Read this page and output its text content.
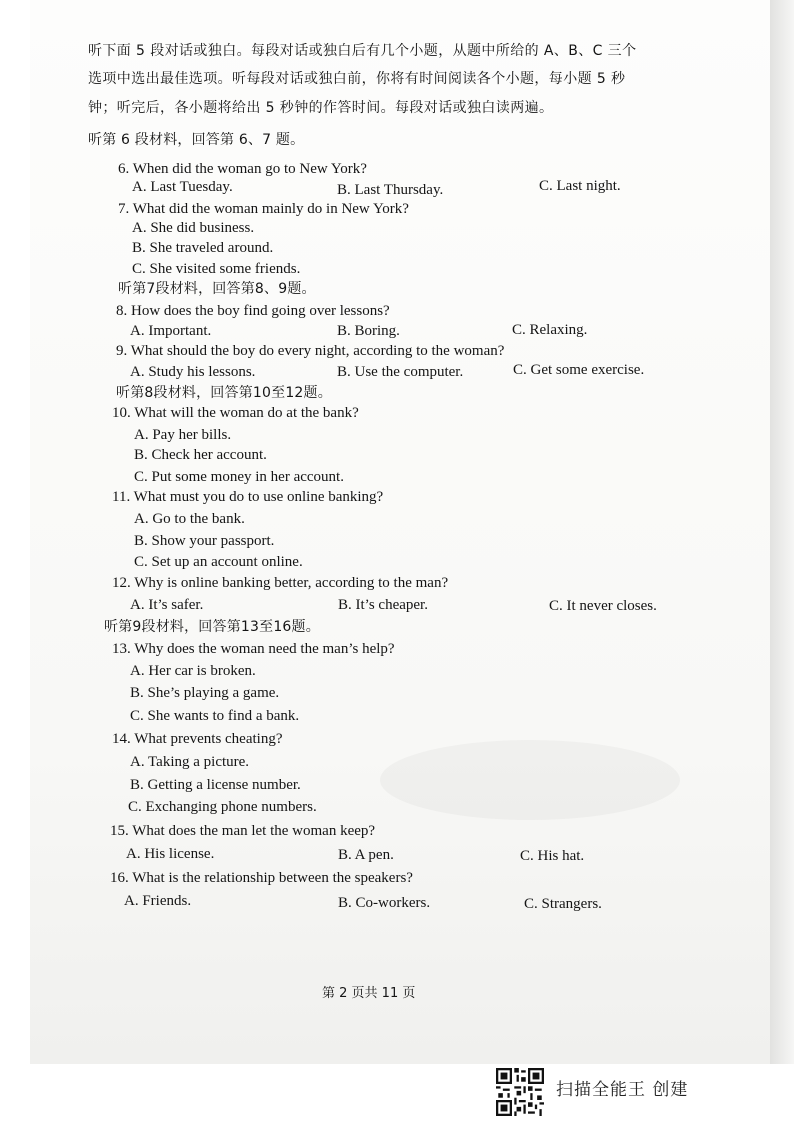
听下面 5 段对话或独白。每段对话或独白后有几个小题，从题中所给的 A、B、C 三个
选项中选出最佳选项。听每段对话或独白前，你将有时间阅读各个小题，每小题 5 秒
钟；听完后，各小题将给出 5 秒钟的作答时间。每段对话或独白读两遍。
听第 6 段材料，回答第 6、7 题。
6. When did the woman go to New York?
A. Last Tuesday.	B. Last Thursday.	C. Last night.
7. What did the woman mainly do in New York?
A. She did business.
B. She traveled around.
C. She visited some friends.
听第7段材料，回答第8、9题。
8. How does the boy find going over lessons?
A. Important.	B. Boring.	C. Relaxing.
9. What should the boy do every night, according to the woman?
A. Study his lessons.	B. Use the computer.	C. Get some exercise.
听第8段材料，回答第10至12题。
10. What will the woman do at the bank?
A. Pay her bills.
B. Check her account.
C. Put some money in her account.
11. What must you do to use online banking?
A. Go to the bank.
B. Show your passport.
C. Set up an account online.
12. Why is online banking better, according to the man?
A. It’s safer.	B. It’s cheaper.	C. It never closes.
听第9段材料，回答第13至16题。
13. Why does the woman need the man’s help?
A. Her car is broken.
B. She’s playing a game.
C. She wants to find a bank.
14. What prevents cheating?
A. Taking a picture.
B. Getting a license number.
C. Exchanging phone numbers.
15. What does the man let the woman keep?
A. His license.	B. A pen.	C. His hat.
16. What is the relationship between the speakers?
A. Friends.	B. Co-workers.	C. Strangers.
第 2 页共 11 页
扫描全能王 创建
